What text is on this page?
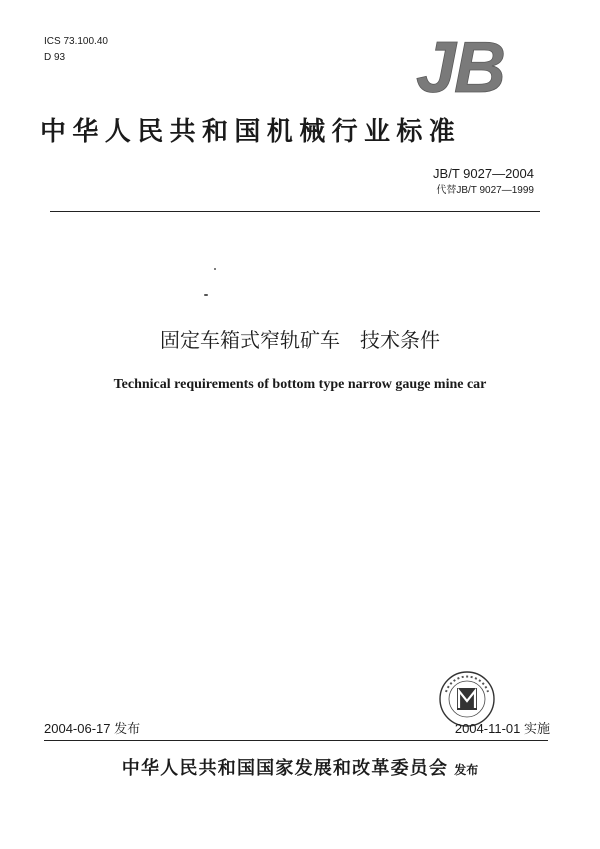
ICS 73.100.40
D 93	JB
中华人民共和国机械行业标准
JB/T 9027—2004
代替JB/T 9027—1999
固定车箱式窄轨矿车　技术条件
Technical requirements of bottom type narrow gauge mine car
2004-06-17 发布	2004-11-01 实施
中华人民共和国国家发展和改革委员会 发布
